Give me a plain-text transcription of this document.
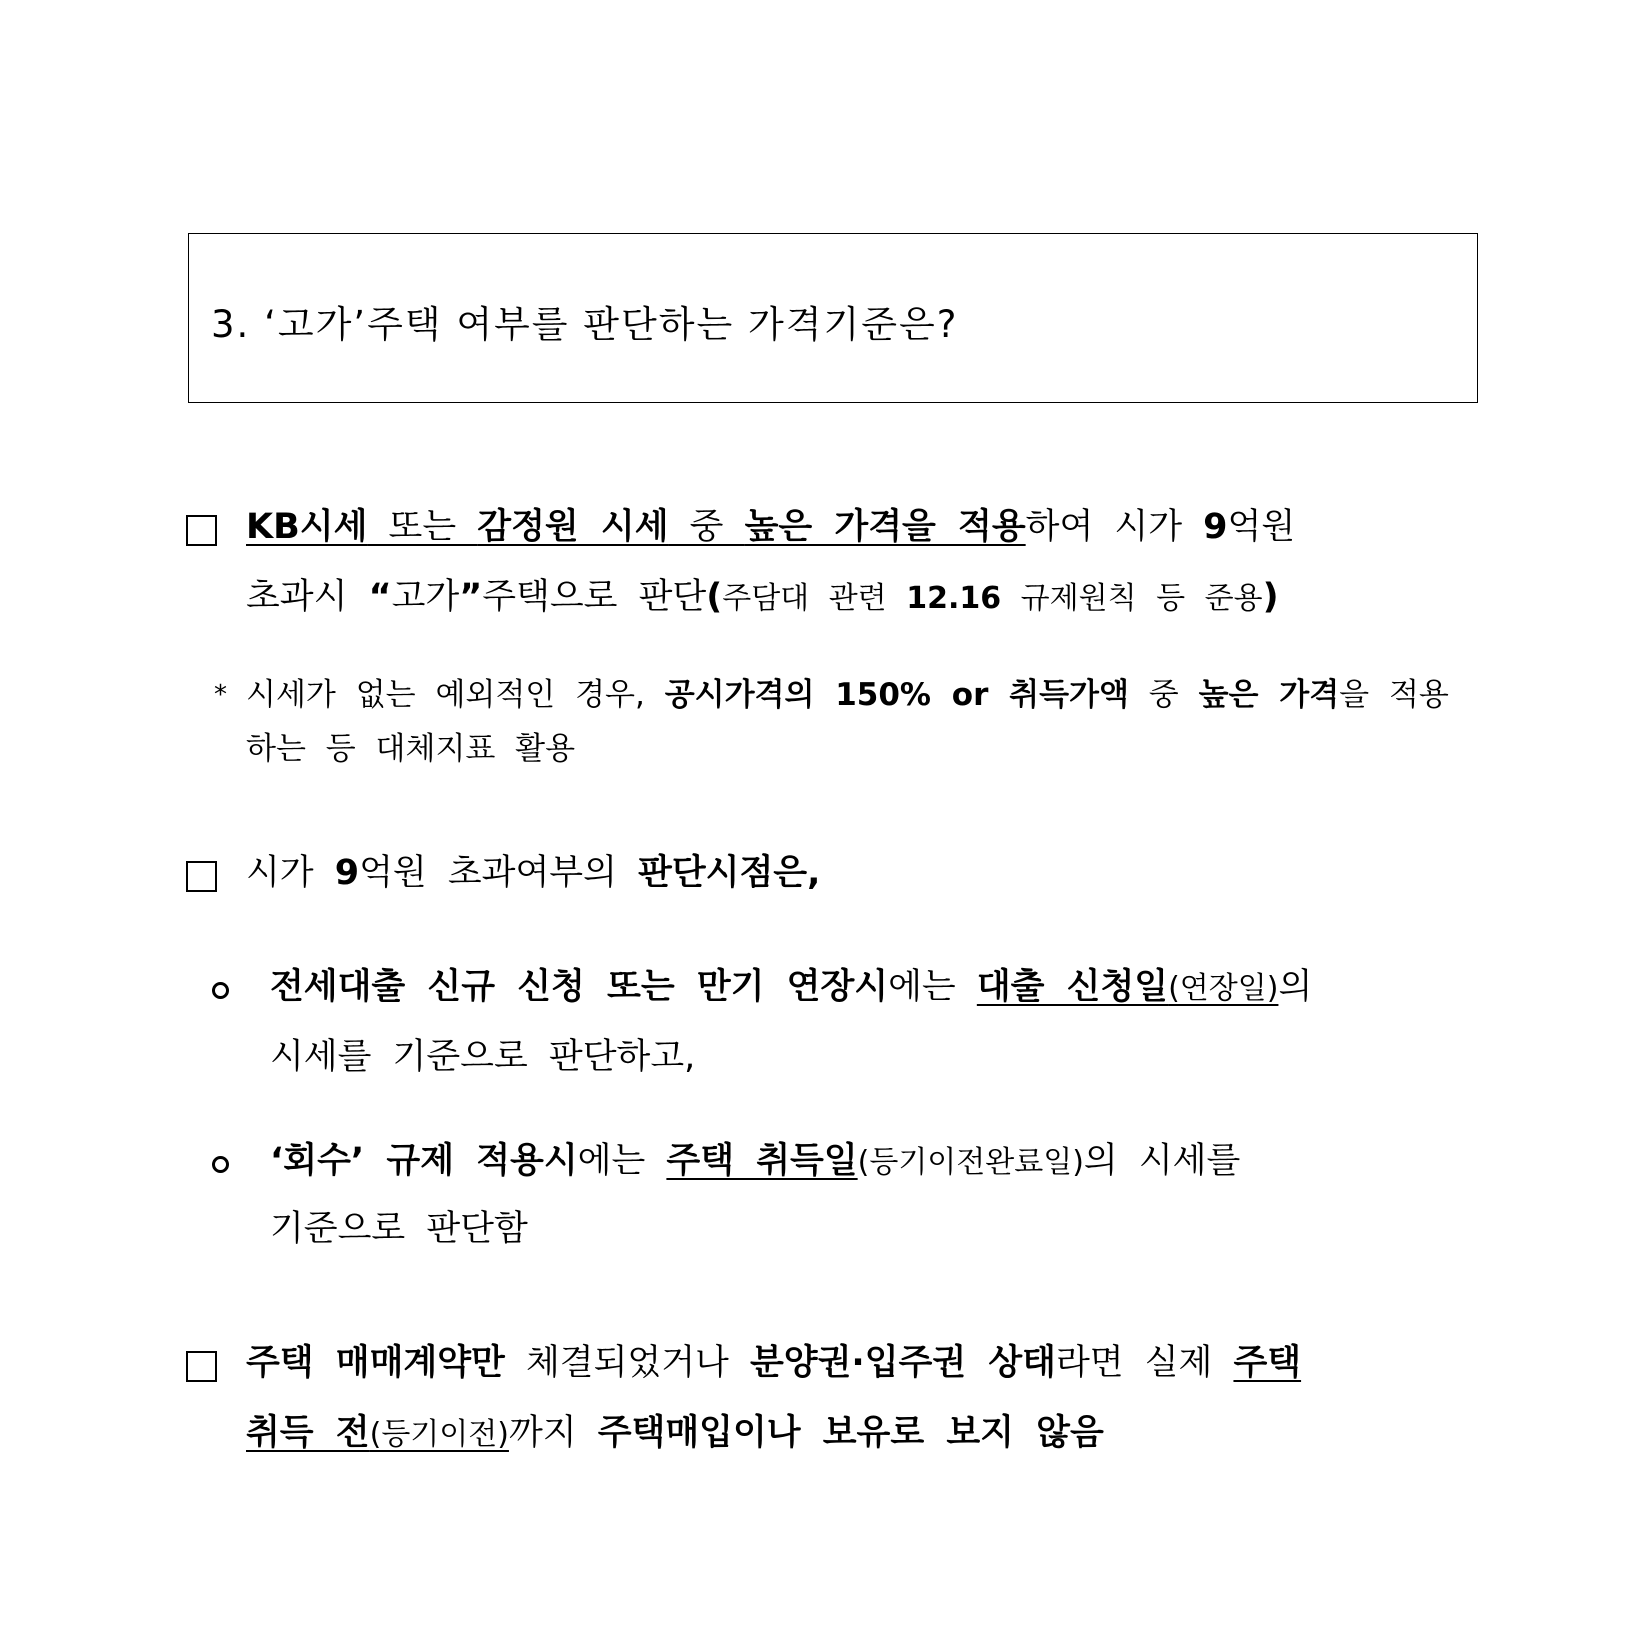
3. ‘고가’주택 여부를 판단하는 가격기준은?
KB시세 또는 감정원 시세 중 높은 가격을 적용하여 시가 9억원
초과시 “고가”주택으로 판단(주담대 관련 12.16 규제원칙 등 준용)
* 시세가 없는 예외적인 경우, 공시가격의 150% or 취득가액 중 높은 가격을 적용
하는 등 대체지표 활용
시가 9억원 초과여부의 판단시점은,
전세대출 신규 신청 또는 만기 연장시에는 대출 신청일(연장일)의
시세를 기준으로 판단하고,
‘회수’ 규제 적용시에는 주택 취득일(등기이전완료일)의 시세를
기준으로 판단함
주택 매매계약만 체결되었거나 분양권·입주권 상태라면 실제 주택
취득 전(등기이전)까지 주택매입이나 보유로 보지 않음
